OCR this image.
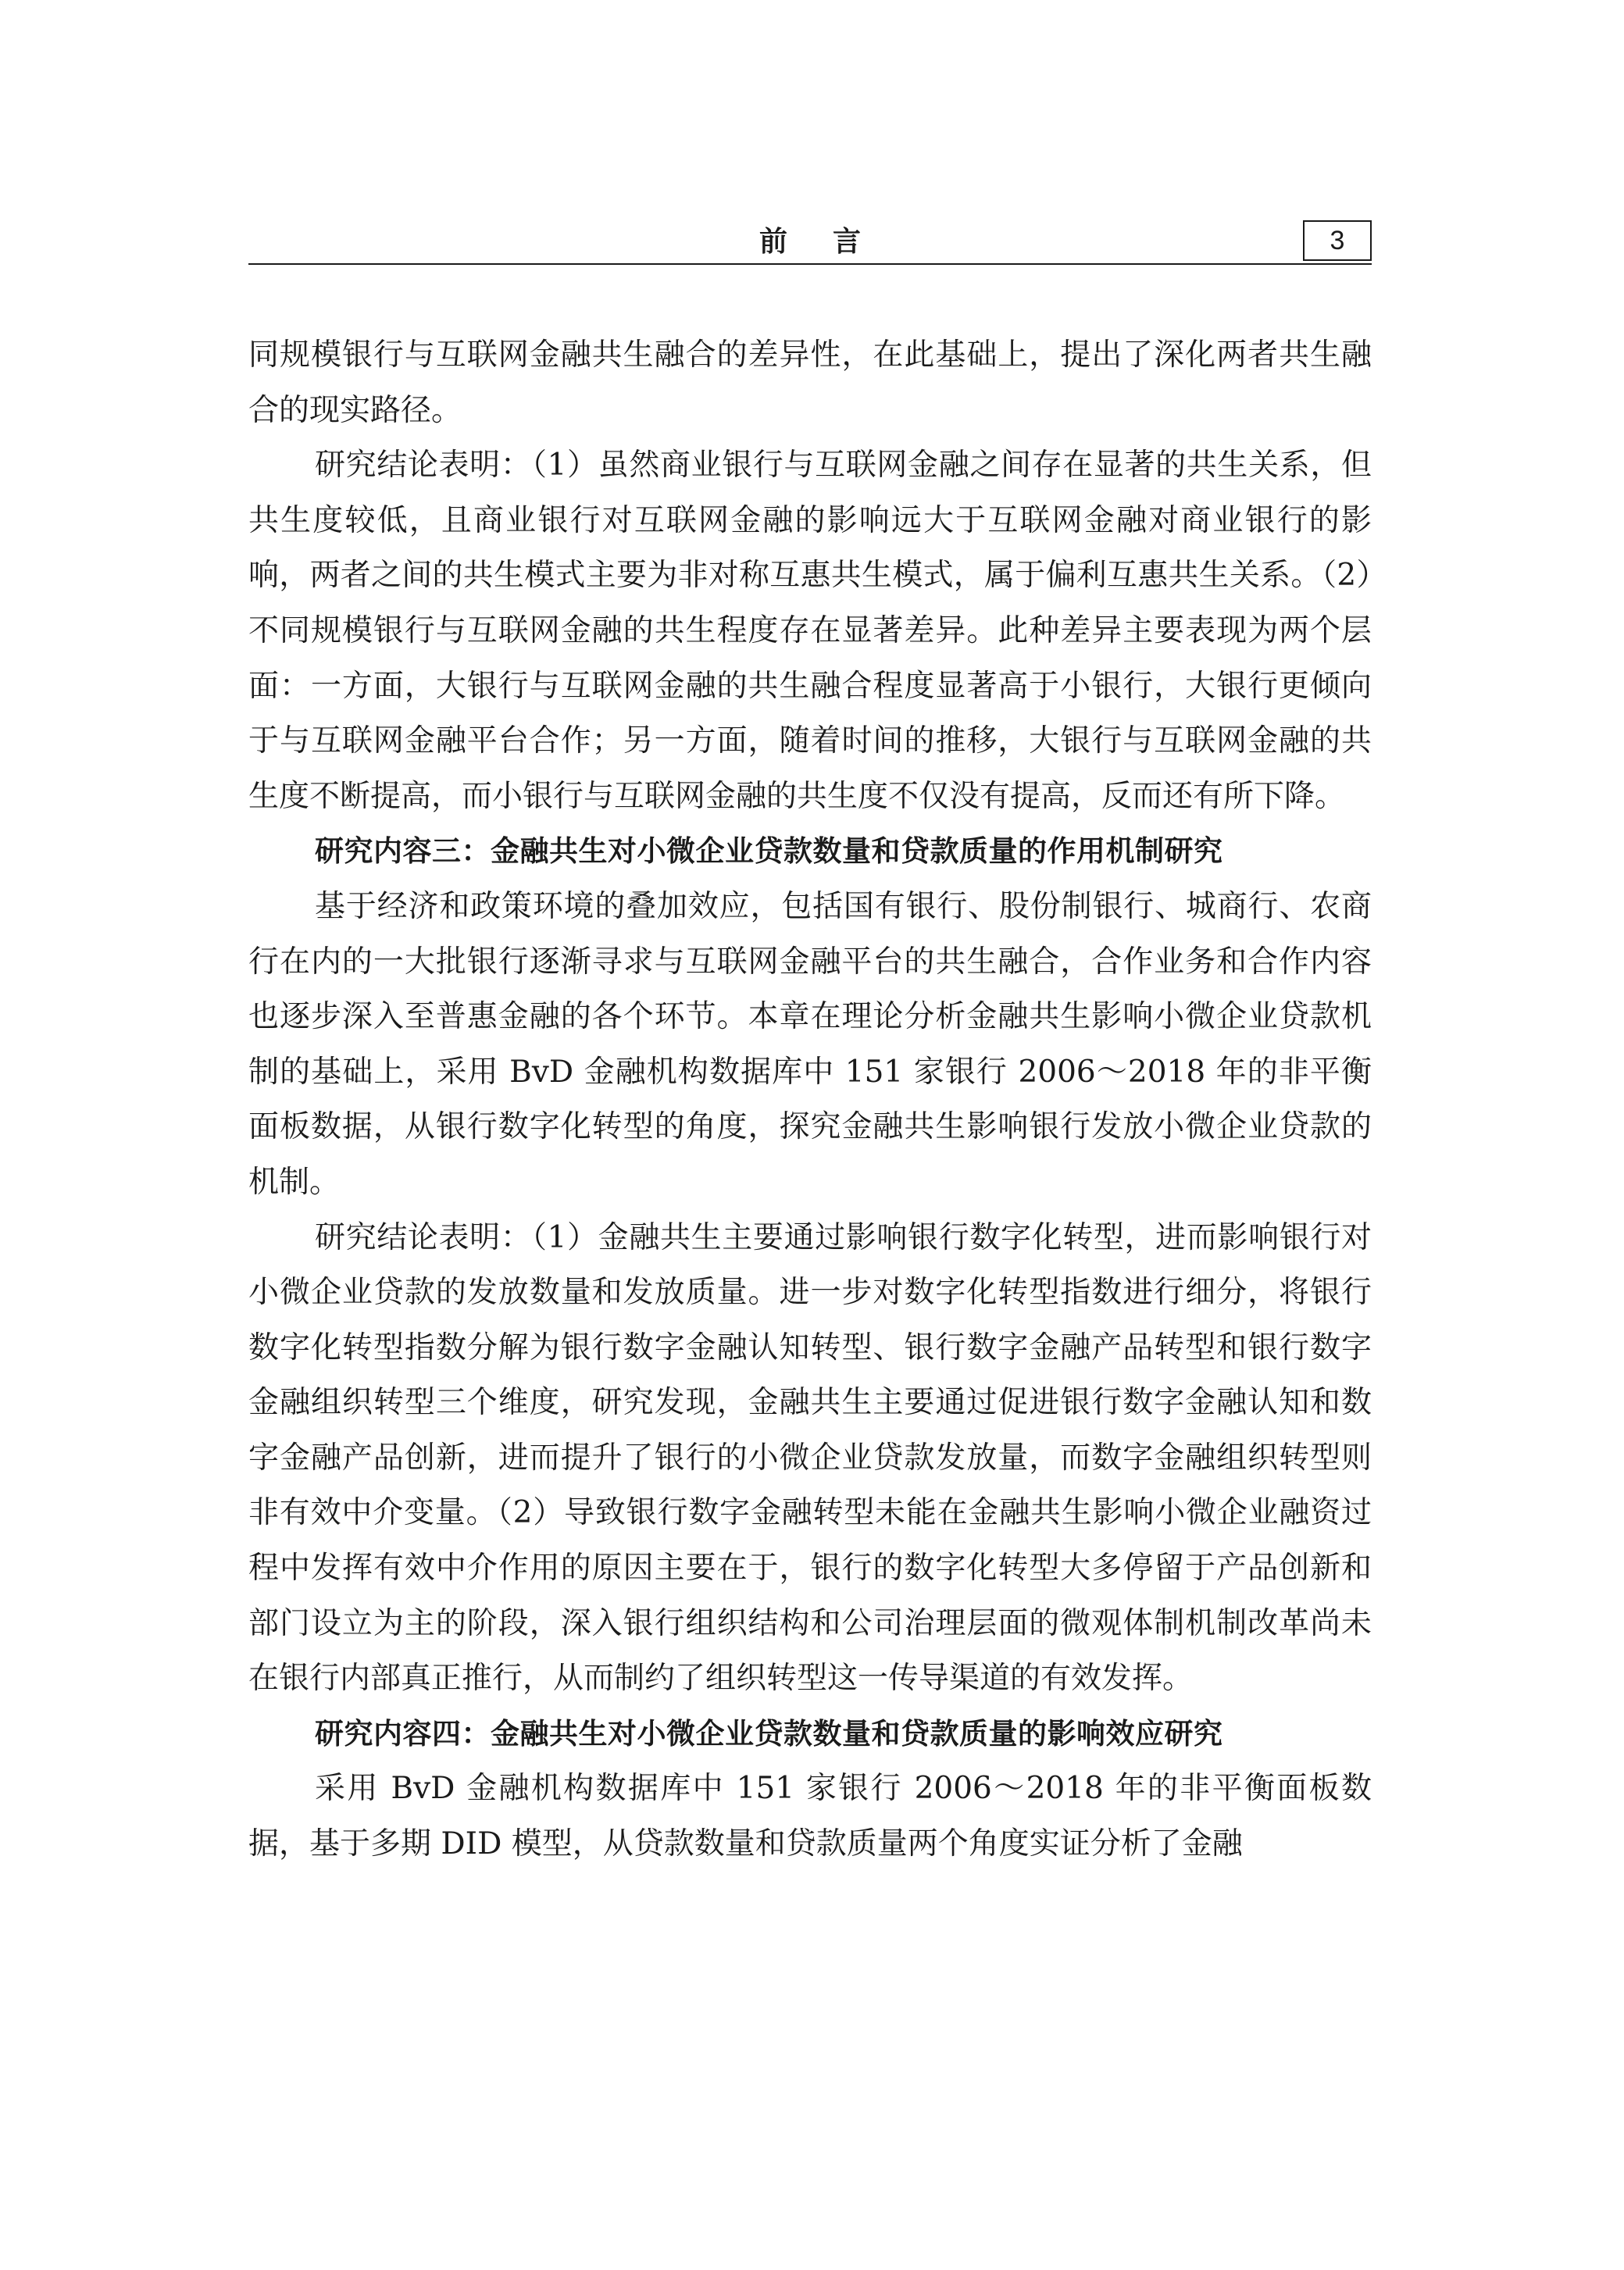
前言	3

同规模银行与互联网金融共生融合的差异性，在此基础上，提出了深化两者共生融合的现实路径。

研究结论表明：（1）虽然商业银行与互联网金融之间存在显著的共生关系，但共生度较低，且商业银行对互联网金融的影响远大于互联网金融对商业银行的影响，两者之间的共生模式主要为非对称互惠共生模式，属于偏利互惠共生关系。（2）不同规模银行与互联网金融的共生程度存在显著差异。此种差异主要表现为两个层面：一方面，大银行与互联网金融的共生融合程度显著高于小银行，大银行更倾向于与互联网金融平台合作；另一方面，随着时间的推移，大银行与互联网金融的共生度不断提高，而小银行与互联网金融的共生度不仅没有提高，反而还有所下降。

研究内容三：金融共生对小微企业贷款数量和贷款质量的作用机制研究

基于经济和政策环境的叠加效应，包括国有银行、股份制银行、城商行、农商行在内的一大批银行逐渐寻求与互联网金融平台的共生融合，合作业务和合作内容也逐步深入至普惠金融的各个环节。本章在理论分析金融共生影响小微企业贷款机制的基础上，采用 BvD 金融机构数据库中 151 家银行 2006～2018 年的非平衡面板数据，从银行数字化转型的角度，探究金融共生影响银行发放小微企业贷款的机制。

研究结论表明：（1）金融共生主要通过影响银行数字化转型，进而影响银行对小微企业贷款的发放数量和发放质量。进一步对数字化转型指数进行细分，将银行数字化转型指数分解为银行数字金融认知转型、银行数字金融产品转型和银行数字金融组织转型三个维度，研究发现，金融共生主要通过促进银行数字金融认知和数字金融产品创新，进而提升了银行的小微企业贷款发放量，而数字金融组织转型则非有效中介变量。（2）导致银行数字金融转型未能在金融共生影响小微企业融资过程中发挥有效中介作用的原因主要在于，银行的数字化转型大多停留于产品创新和部门设立为主的阶段，深入银行组织结构和公司治理层面的微观体制机制改革尚未在银行内部真正推行，从而制约了组织转型这一传导渠道的有效发挥。

研究内容四：金融共生对小微企业贷款数量和贷款质量的影响效应研究

采用 BvD 金融机构数据库中 151 家银行 2006～2018 年的非平衡面板数据，基于多期 DID 模型，从贷款数量和贷款质量两个角度实证分析了金融
